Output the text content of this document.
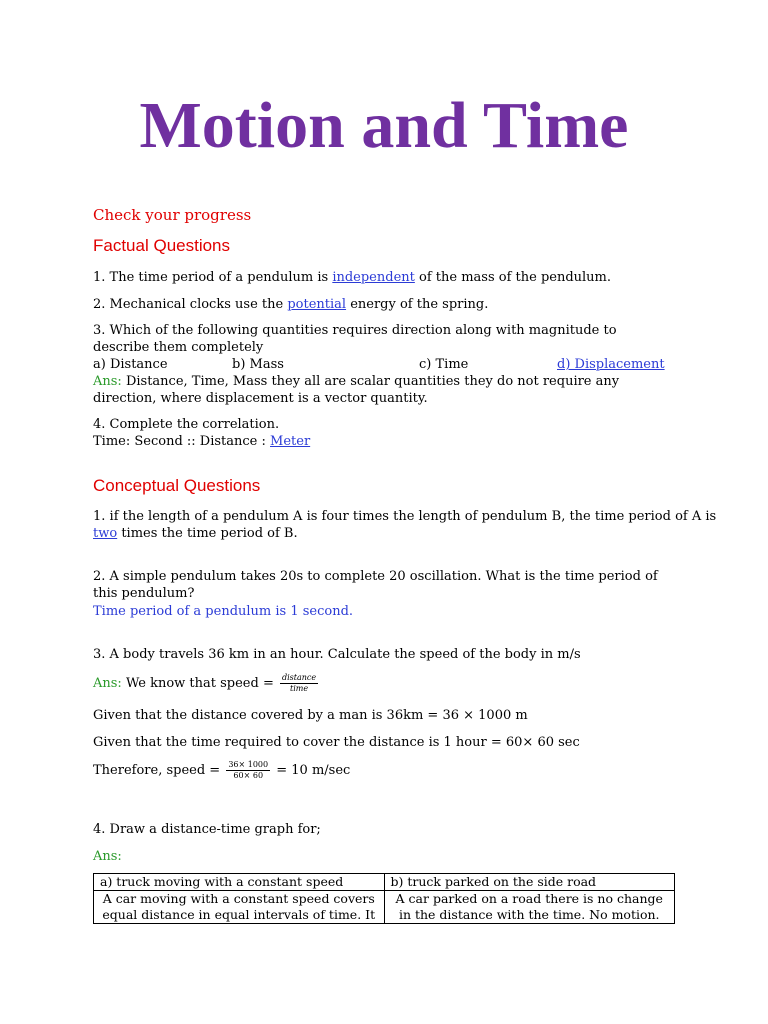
Motion and Time
Check your progress
Factual Questions
1. The time period of a pendulum is independent of the mass of the pendulum.
2. Mechanical clocks use the potential energy of the spring.
3. Which of the following quantities requires direction along with magnitude to describe them completely
a) Distance	b) Mass	c) Time	d) Displacement
Ans: Distance, Time, Mass they all are scalar quantities they do not require any direction, where displacement is a vector quantity.
4. Complete the correlation.
Time: Second :: Distance : Meter
Conceptual Questions
1. if the length of a pendulum A is four times the length of pendulum B, the time period of A is
two times the time period of B.
2. A simple pendulum takes 20s to complete 20 oscillation. What is the time period of this pendulum?
Time period of a pendulum is 1 second.
3. A body travels 36 km in an hour. Calculate the speed of the body in m/s
Ans: We know that speed = $\frac{\text{distance}}{\text{time}}$
Given that the distance covered by a man is 36km = 36 × 1000 m
Given that the time required to cover the distance is 1 hour = 60× 60 sec
Therefore, speed = $\frac{36\times 1000}{60\times 60} = 10$ m/sec
4. Draw a distance-time graph for;
Ans:
a) truck moving with a constant speed	b) truck parked on the side road
A car moving with a constant speed covers equal distance in equal intervals of time. It	A car parked on a road there is no change in the distance with the time. No motion.
